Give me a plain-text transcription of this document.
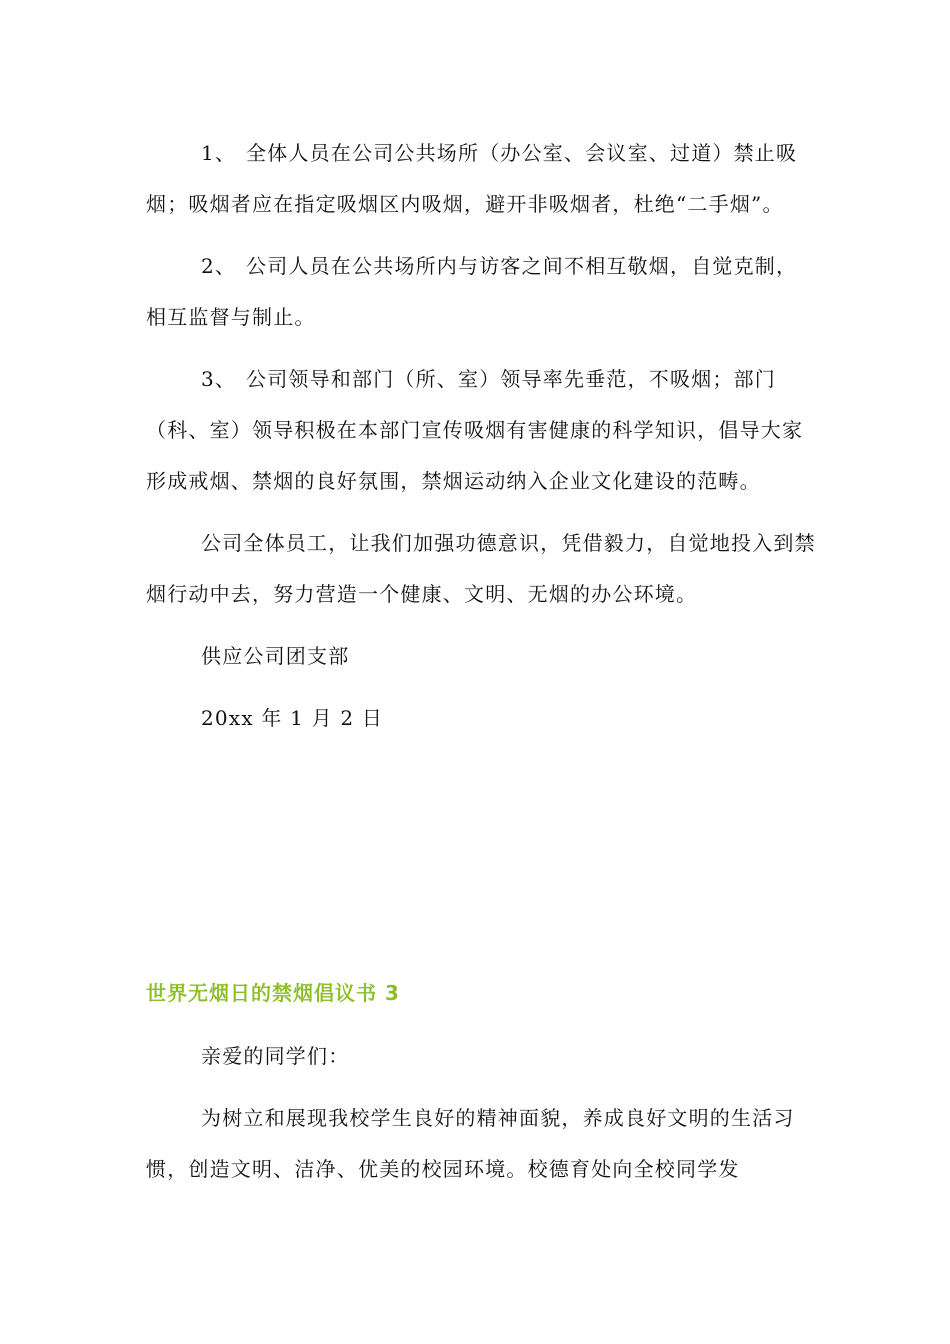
1、 全体人员在公司公共场所（办公室、会议室、过道）禁止吸烟；吸烟者应在指定吸烟区内吸烟，避开非吸烟者，杜绝“二手烟”。

2、 公司人员在公共场所内与访客之间不相互敬烟，自觉克制，相互监督与制止。

3、 公司领导和部门（所、室）领导率先垂范，不吸烟；部门（科、室）领导积极在本部门宣传吸烟有害健康的科学知识，倡导大家形成戒烟、禁烟的良好氛围，禁烟运动纳入企业文化建设的范畴。

公司全体员工，让我们加强功德意识，凭借毅力，自觉地投入到禁烟行动中去，努力营造一个健康、文明、无烟的办公环境。

供应公司团支部

20xx 年 1 月 2 日

世界无烟日的禁烟倡议书 3

亲爱的同学们：

为树立和展现我校学生良好的精神面貌，养成良好文明的生活习惯，创造文明、洁净、优美的校园环境。校德育处向全校同学发
